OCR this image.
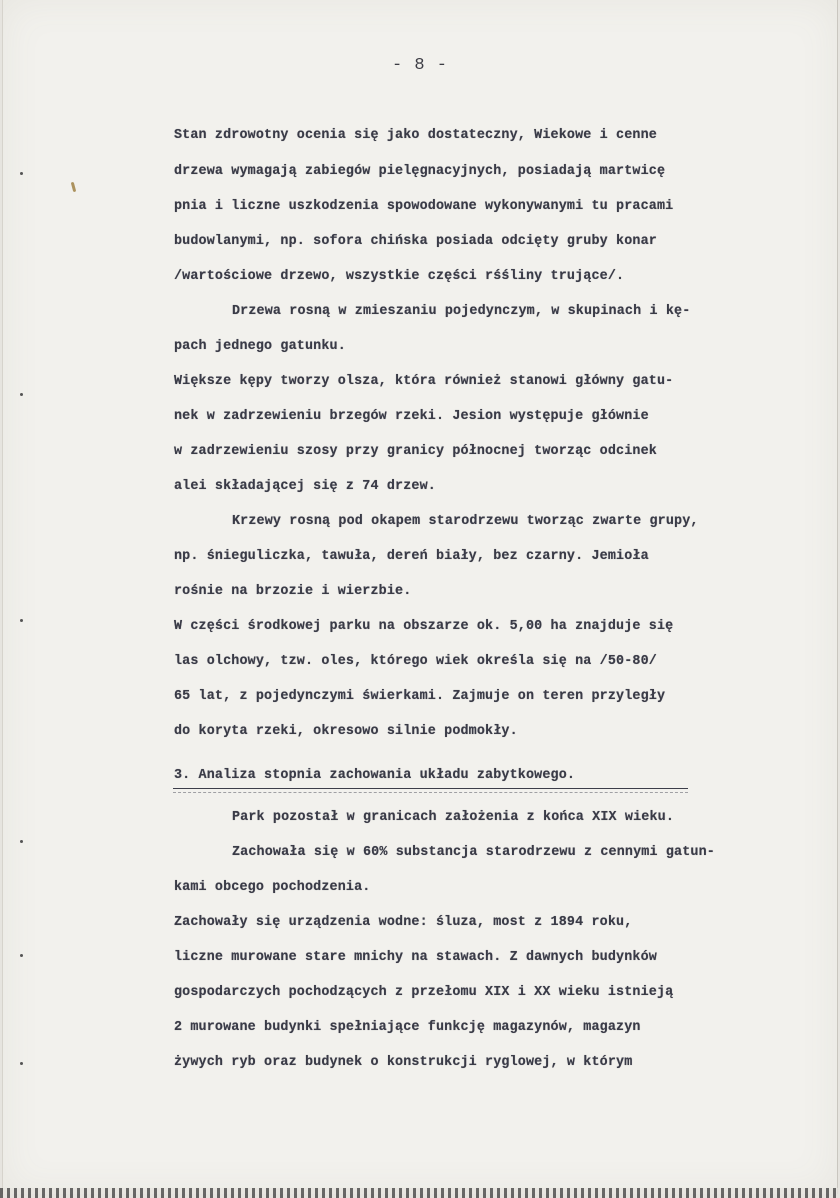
- 8 -
Stan zdrowotny ocenia się jako dostateczny, Wiekowe i cenne
drzewa wymagają zabiegów pielęgnacyjnych, posiadają martwicę
pnia i liczne uszkodzenia spowodowane wykonywanymi tu pracami
budowlanymi, np. sofora chińska posiada odcięty gruby konar
/wartościowe drzewo, wszystkie części rśśliny trujące/.
Drzewa rosną w zmieszaniu pojedynczym, w skupinach i kę-
pach jednego gatunku.
Większe kępy tworzy olsza, która również stanowi główny gatu-
nek w zadrzewieniu brzegów rzeki. Jesion występuje głównie
w zadrzewieniu szosy przy granicy północnej tworząc odcinek
alei składającej się z 74 drzew.
Krzewy rosną pod okapem starodrzewu tworząc zwarte grupy,
np. śnieguliczka, tawuła, dereń biały, bez czarny. Jemioła
rośnie na brzozie i wierzbie.
W części środkowej parku na obszarze ok. 5,00 ha znajduje się
las olchowy, tzw. oles, którego wiek określa się na /50-80/
65 lat, z pojedynczymi świerkami. Zajmuje on teren przyległy
do koryta rzeki, okresowo silnie podmokły.
3. Analiza stopnia zachowania układu zabytkowego.
Park pozostał w granicach założenia z końca XIX wieku.
Zachowała się w 60% substancja starodrzewu z cennymi gatun-
kami obcego pochodzenia.
Zachowały się urządzenia wodne: śluza, most z 1894 roku,
liczne murowane stare mnichy na stawach. Z dawnych budynków
gospodarczych pochodzących z przełomu XIX i XX wieku istnieją
2 murowane budynki spełniające funkcję magazynów, magazyn
żywych ryb oraz budynek o konstrukcji ryglowej, w którym
